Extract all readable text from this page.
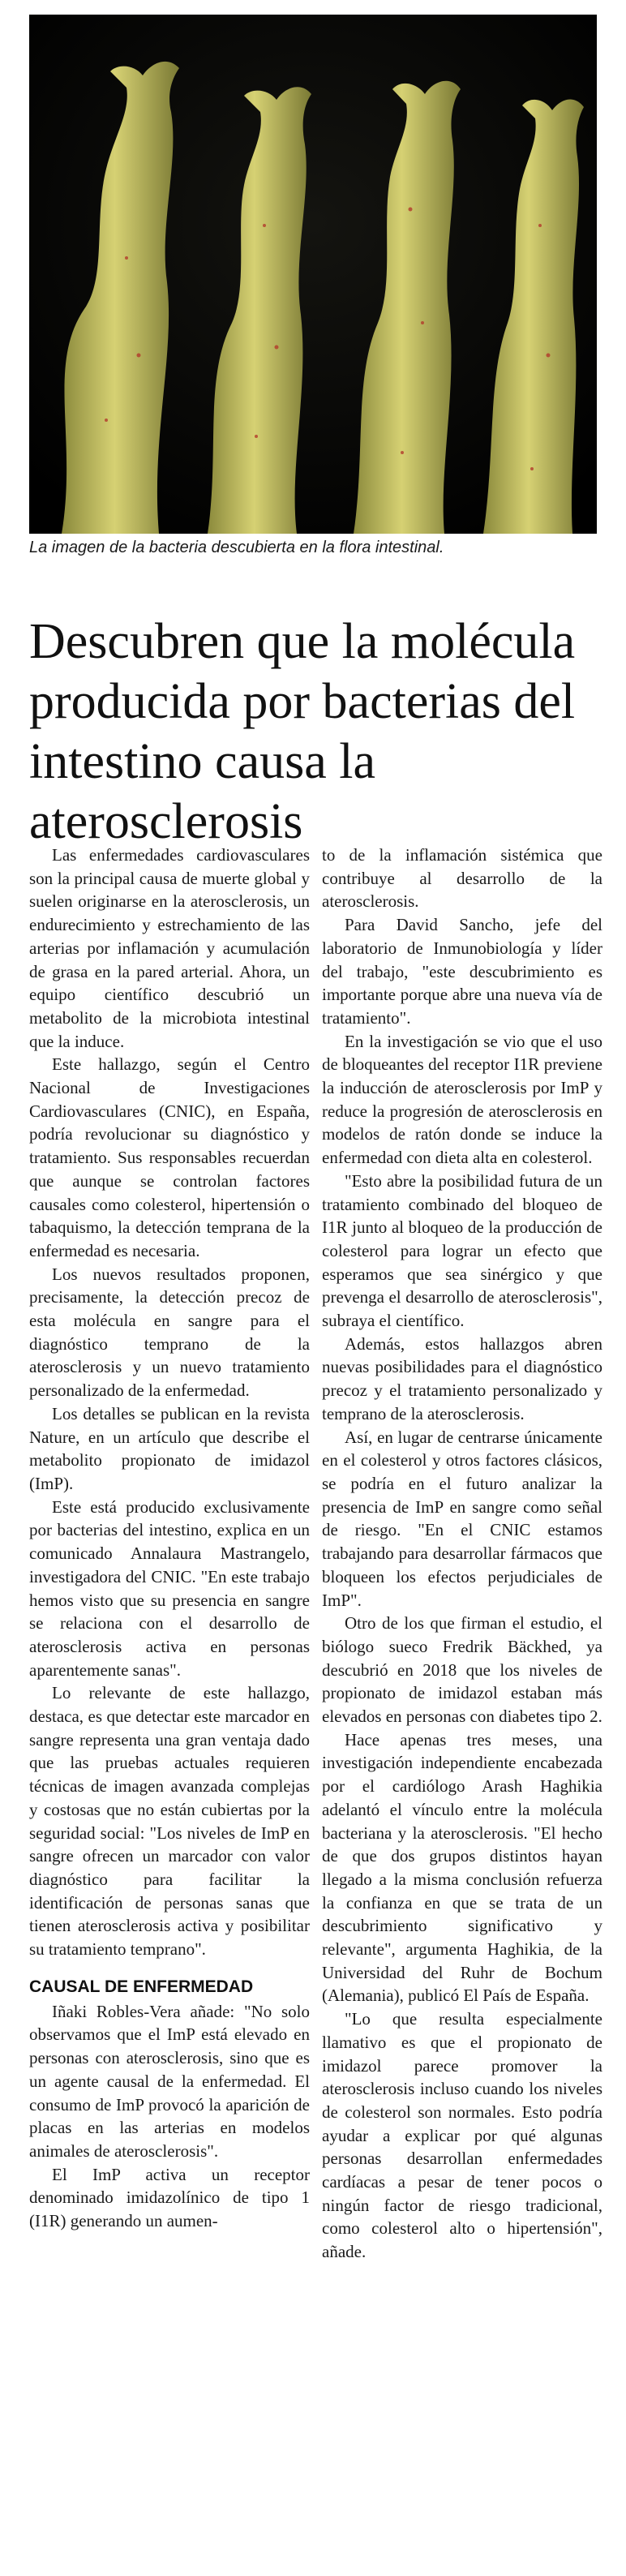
La imagen de la bacteria descubierta en la flora intestinal.
Descubren que la molécula producida por bacterias del intestino causa la aterosclerosis

Las enfermedades cardiovasculares son la principal causa de muerte global y suelen originarse en la aterosclerosis, un endurecimiento y estrechamiento de las arterias por inflamación y acumulación de grasa en la pared arterial. Ahora, un equipo científico descubrió un metabolito de la microbiota intestinal que la induce.

Este hallazgo, según el Centro Nacional de Investigaciones Cardiovasculares (CNIC), en España, podría revolucionar su diagnóstico y tratamiento. Sus responsables recuerdan que aunque se controlan factores causales como colesterol, hipertensión o tabaquismo, la detección temprana de la enfermedad es necesaria.

Los nuevos resultados proponen, precisamente, la detección precoz de esta molécula en sangre para el diagnóstico temprano de la aterosclerosis y un nuevo tratamiento personalizado de la enfermedad.

Los detalles se publican en la revista Nature, en un artículo que describe el metabolito propionato de imidazol (ImP).

Este está producido exclusivamente por bacterias del intestino, explica en un comunicado Annalaura Mastrangelo, investigadora del CNIC. "En este trabajo hemos visto que su presencia en sangre se relaciona con el desarrollo de aterosclerosis activa en personas aparentemente sanas".

Lo relevante de este hallazgo, destaca, es que detectar este marcador en sangre representa una gran ventaja dado que las pruebas actuales requieren técnicas de imagen avanzada complejas y costosas que no están cubiertas por la seguridad social: "Los niveles de ImP en sangre ofrecen un marcador con valor diagnóstico para facilitar la identificación de personas sanas que tienen aterosclerosis activa y posibilitar su tratamiento temprano".

CAUSAL DE ENFERMEDAD

Iñaki Robles-Vera añade: "No solo observamos que el ImP está elevado en personas con aterosclerosis, sino que es un agente causal de la enfermedad. El consumo de ImP provocó la aparición de placas en las arterias en modelos animales de aterosclerosis".

El ImP activa un receptor denominado imidazolínico de tipo 1 (I1R) generando un aumen-

to de la inflamación sistémica que contribuye al desarrollo de la aterosclerosis.

Para David Sancho, jefe del laboratorio de Inmunobiología y líder del trabajo, "este descubrimiento es importante porque abre una nueva vía de tratamiento".

En la investigación se vio que el uso de bloqueantes del receptor I1R previene la inducción de aterosclerosis por ImP y reduce la progresión de aterosclerosis en modelos de ratón donde se induce la enfermedad con dieta alta en colesterol.

"Esto abre la posibilidad futura de un tratamiento combinado del bloqueo de I1R junto al bloqueo de la producción de colesterol para lograr un efecto que esperamos que sea sinérgico y que prevenga el desarrollo de aterosclerosis", subraya el científico.

Además, estos hallazgos abren nuevas posibilidades para el diagnóstico precoz y el tratamiento personalizado y temprano de la aterosclerosis.

Así, en lugar de centrarse únicamente en el colesterol y otros factores clásicos, se podría en el futuro analizar la presencia de ImP en sangre como señal de riesgo. "En el CNIC estamos trabajando para desarrollar fármacos que bloqueen los efectos perjudiciales de ImP".

Otro de los que firman el estudio, el biólogo sueco Fredrik Bäckhed, ya descubrió en 2018 que los niveles de propionato de imidazol estaban más elevados en personas con diabetes tipo 2.

Hace apenas tres meses, una investigación independiente encabezada por el cardiólogo Arash Haghikia adelantó el vínculo entre la molécula bacteriana y la aterosclerosis. "El hecho de que dos grupos distintos hayan llegado a la misma conclusión refuerza la confianza en que se trata de un descubrimiento significativo y relevante", argumenta Haghikia, de la Universidad del Ruhr de Bochum (Alemania), publicó El País de España.

"Lo que resulta especialmente llamativo es que el propionato de imidazol parece promover la aterosclerosis incluso cuando los niveles de colesterol son normales. Esto podría ayudar a explicar por qué algunas personas desarrollan enfermedades cardíacas a pesar de tener pocos o ningún factor de riesgo tradicional, como colesterol alto o hipertensión", añade.
